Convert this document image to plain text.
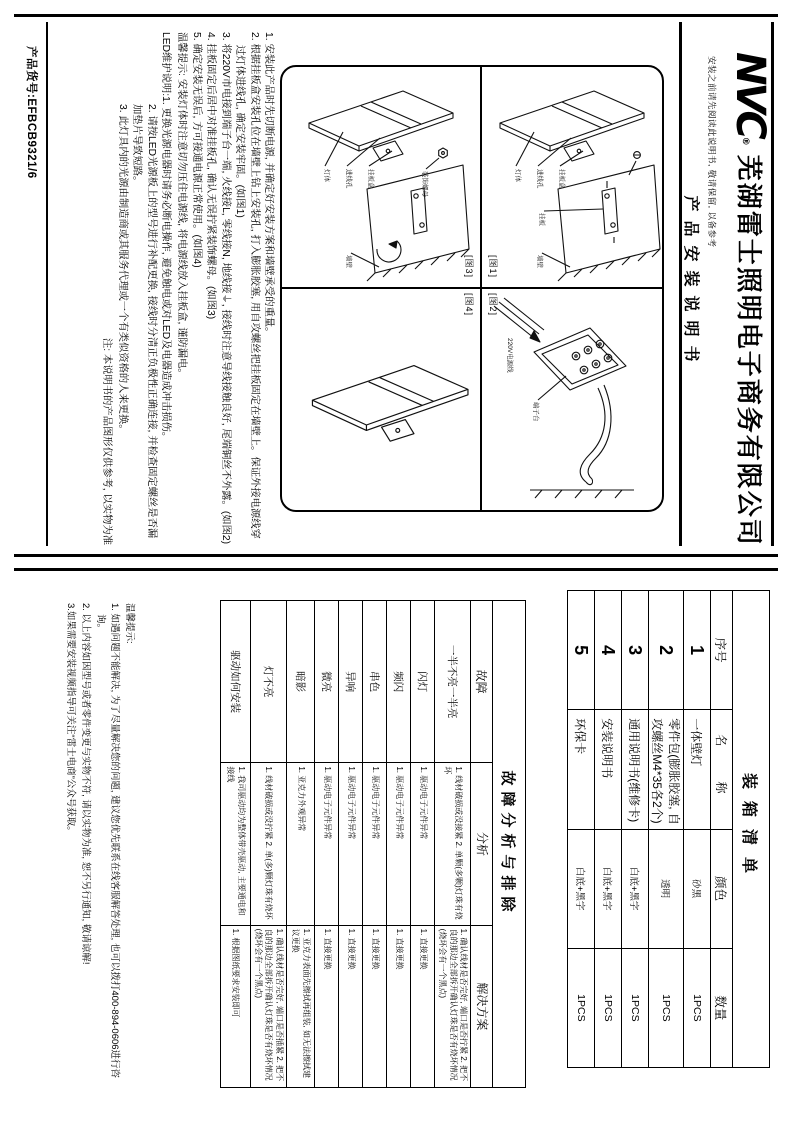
NVC®
芜湖雷士照明电子商务有限公司
安装之前请先阅读此说明书, 敬请保留, 以备参考
产品安装说明书
灯体	进线孔	挂板盒
挂板
墙壁
220V电源线
端子台
灯体	进线孔	挂板盒	装饰螺母
墙壁	[图1]
[图2]
[图3]
[图4]
1. 安装此产品时先切断电源, 并确定好安装方案和墙壁承受的重量。
2. 根据挂板盒安装孔位在墙壁上钻上安装孔, 打入膨胀胶塞, 用自攻螺丝把挂板固定在墙壁上。保证外接电源线穿过灯体进线孔, 确定安装牢固。(如图1)
3. 将220V市电接到端子台一端, 火线接L, 零线接N, 地线接⏚, 接线时注意导线接触良好, 尾端铜丝不外露。(如图2)
4. 挂板固定后居中对准挂板孔, 确认无误拧紧装饰螺母。(如图3)
5. 确定安装无误后, 方可接通电源正常使用。(如图4)
温馨提示: 安装灯体时注意切勿压住电源线, 将电源线放入挂板盒, 谨防漏电。
LED维护说明:1. 更换光源电器时请务必断电操作, 避免触电或对LED及电器造成冲击损伤。
2. 请按LED光源板上的型号进行补配更换, 接线时分清正负极性正确连接, 并检查固定螺丝是否漏加垫片导致短路。
3. 此灯具内的光源由制造商或其服务代理或一个有类似资格的人来更换。
注: 本说明书的产品图形仅供参考, 以实物为准
产品货号:EFBCB9321/6
装箱清单			
序号	名 称	颜色	数量
1	一体壁灯	砂黑	1PCS
2	零件包(膨胀胶塞, 自攻螺丝M4*35各2个)	透明	1PCS
3	通用说明书(维修卡)	白底+黑字	1PCS
4	安装说明书	白底+黑字	1PCS
5	环保卡	白底+黑字	1PCS
故障分析与排除		
故障	分析	解决方案
一半不亮一半亮	1. 线材破损或没接紧 2. 单颗(多颗)灯珠有烧坏	1. 确认线材是否完好, 端口是否拧紧 2. 把不良的那边全部拆开确认灯珠是否有烧坏情况(烧坏会有一个黑点)
闪灯	1. 驱动电子元件异常	1. 直接更换
频闪	1. 驱动电子元件异常	1. 直接更换
串色	1. 驱动电子元件异常	1. 直接更换
异响	1. 驱动电子元件异常	1. 直接更换
微亮	1. 驱动电子元件异常	1. 直接更换
暗影	1. 亚克力外观异常	1. 亚克力表面先擦拭再组装, 如无法擦拭建议更换
灯不亮	1. 线材破损或没拧紧 2. 单(多)颗灯珠有烧坏	1. 确认线材是否完好, 端口是否插紧 2. 把不良的那边全部拆开确认灯珠是否有烧坏情况(烧坏会有一个黑点)
驱动如何安装	1. 我司驱动均为整体带壳驱动, 主要通电和接线	1. 根据图纸要求安装即可
温馨提示:
1. 如遇问题不能解决, 为了尽量解决您的问题, 建议您优先联系在线客服解答处理, 也可以拨打400-894-0606进行咨询。
2. 以上内容如因型号或者零件变更与实物不符, 请以实物为准, 恕不另行通知, 敬请谅解!
3.如果需要安装视频指导可关注“雷士电商”公众号获取。
